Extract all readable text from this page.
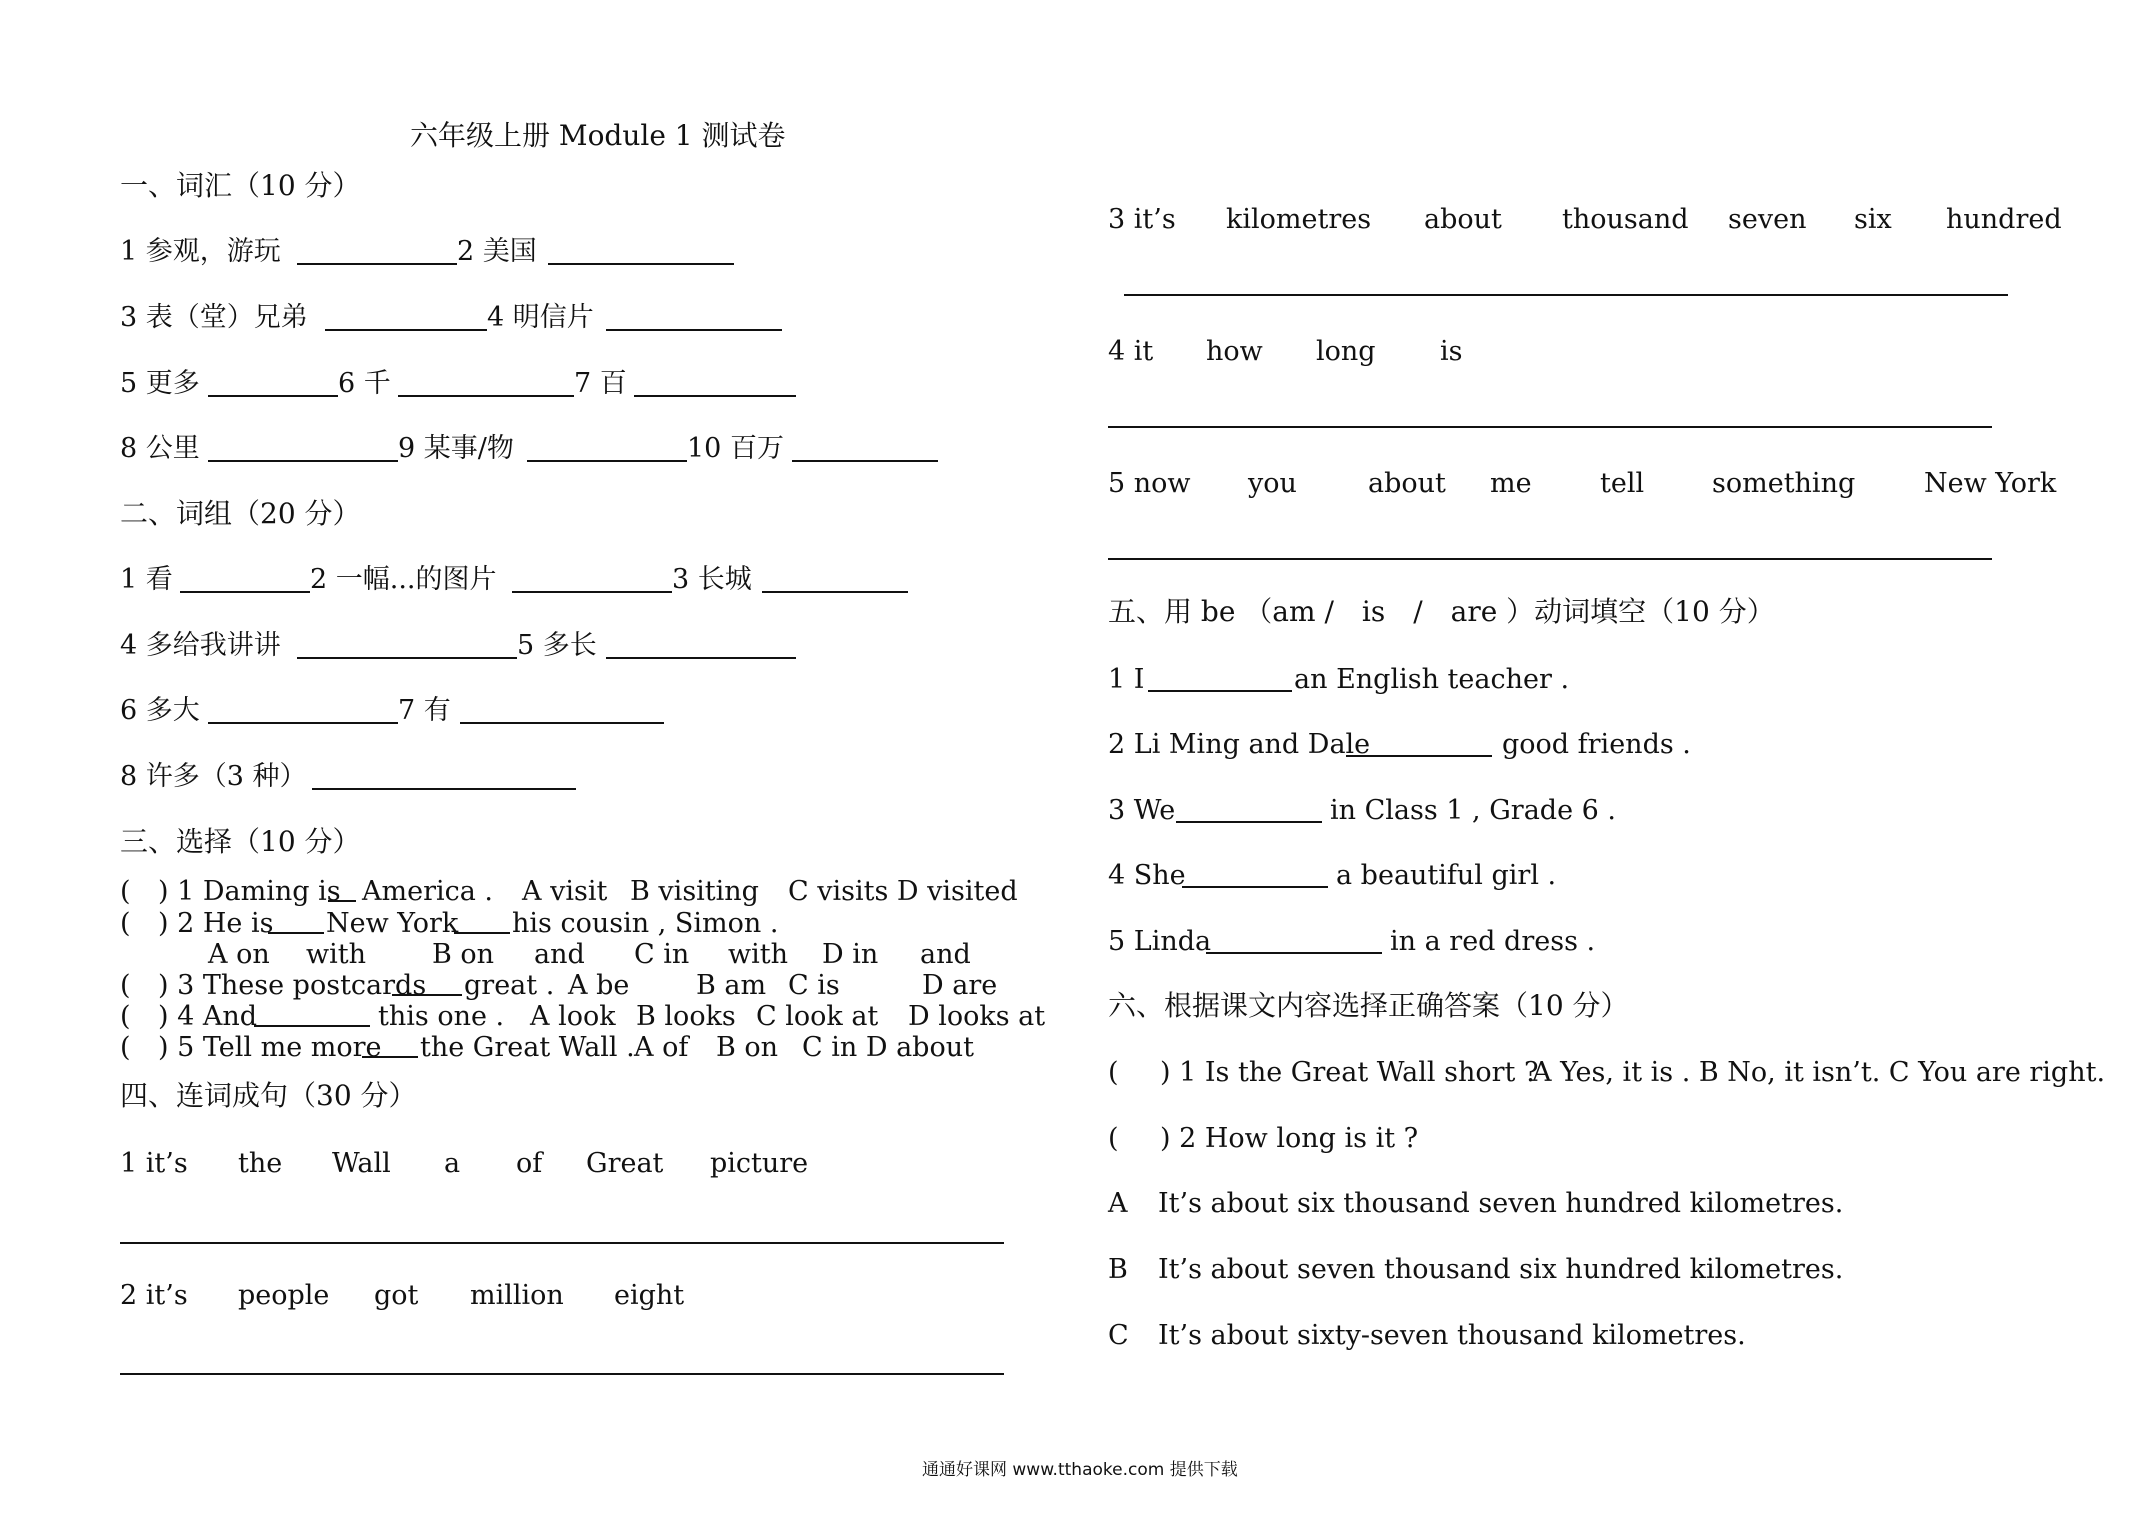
六年级上册 Module 1 测试卷
一、词汇（10 分）
1 参观，游玩	2 美国
3 表（堂）兄弟	4 明信片
5 更多	6 千	7 百
8 公里	9 某事/物	10 百万
二、词组（20 分）
1 看	2 一幅...的图片	3 长城
4 多给我讲讲	5 多长
6 多大	7 有
8 许多（3 种）
三、选择（10 分）
( ) 1 Daming is America . A visit B visiting C visits D visited
( ) 2 He is New York his cousin , Simon .
A on with B on and C in with D in and
( ) 3 These postcards great . A be B am C is	D are
( ) 4 And	this one . A look B looks C look at D looks at
( ) 5 Tell me more the Great Wall . A of B on C in D about
四、连词成句（30 分）
1 it’s the Wall a of Great picture
2 it’s people got million eight
3 it’s kilometres about thousand seven six hundred
4 it how long is
5 now you	about me	tell	something	New York
五、用 be （am /　is　/　are ）动词填空（10 分）
1 I	an English teacher .
2 Li Ming and Dale	good friends .
3 We	in Class 1 , Grade 6 .
4 She	a beautiful girl .
5 Linda	in a red dress .
六、根据课文内容选择正确答案（10 分）
( ) 1 Is the Great Wall short ?
A Yes, it is . B No, it isn’t. C You are right.
( ) 2 How long is it ?
A It’s about six thousand seven hundred kilometres.
B It’s about seven thousand six hundred kilometres.
C It’s about sixty-seven thousand kilometres.
通通好课网 www.tthaoke.com 提供下载
